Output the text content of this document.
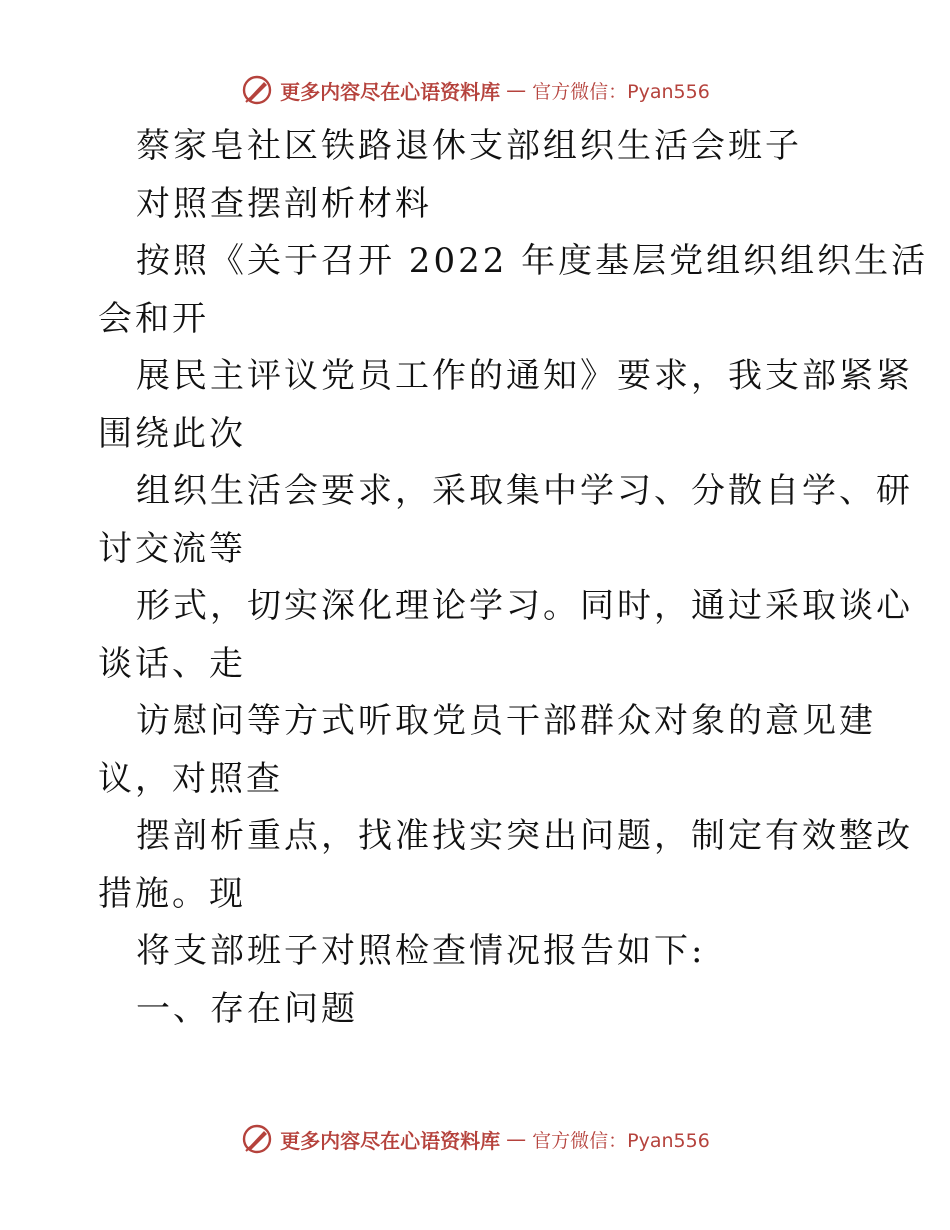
更多内容尽在心语资料库 — 官方微信：Pyan556
蔡家皂社区铁路退休支部组织生活会班子
对照查摆剖析材料
按照《关于召开 2022 年度基层党组织组织生活
会和开
展民主评议党员工作的通知》要求，我支部紧紧
围绕此次
组织生活会要求，采取集中学习、分散自学、研
讨交流等
形式，切实深化理论学习。同时，通过采取谈心
谈话、走
访慰问等方式听取党员干部群众对象的意见建
议，对照查
摆剖析重点，找准找实突出问题，制定有效整改
措施。现
将支部班子对照检查情况报告如下:
一、存在问题
更多内容尽在心语资料库 — 官方微信：Pyan556
